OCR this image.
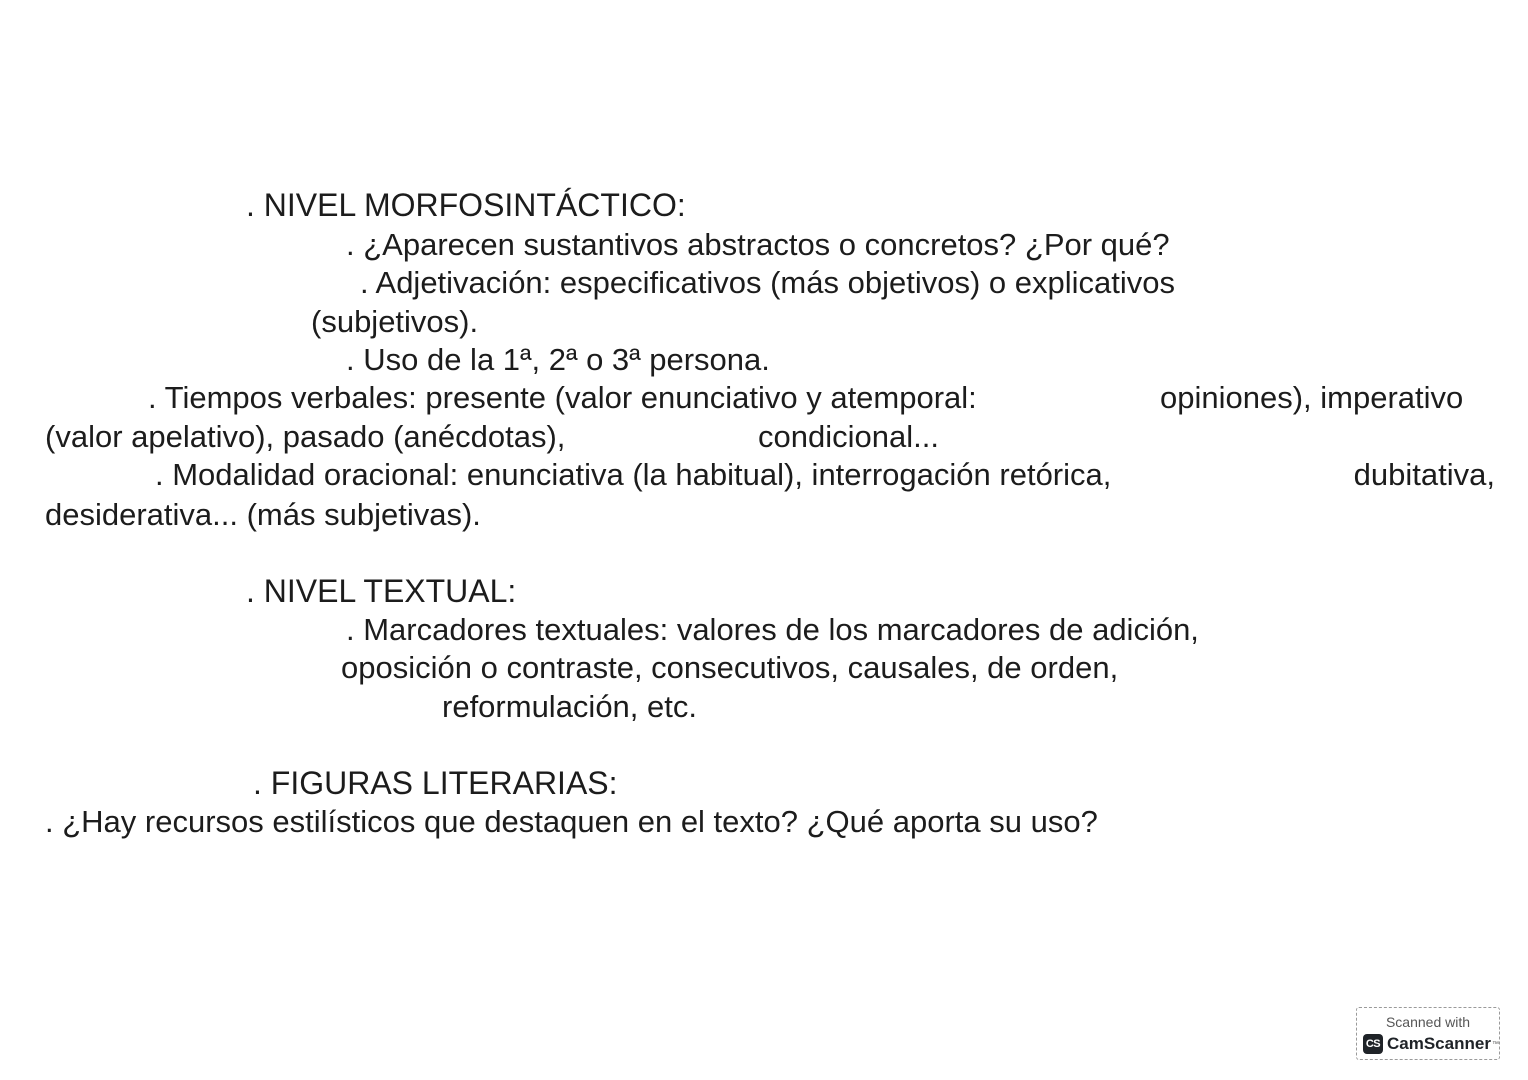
. NIVEL MORFOSINTÁCTICO:
. ¿Aparecen sustantivos abstractos o concretos? ¿Por qué?
. Adjetivación: especificativos (más objetivos) o explicativos
(subjetivos).
. Uso de la 1ª, 2ª o 3ª persona.
. Tiempos verbales: presente (valor enunciativo y atemporal:	opiniones), imperativo
(valor apelativo), pasado (anécdotas),	condicional...
. Modalidad oracional: enunciativa (la habitual), interrogación retórica,	dubitativa,
desiderativa... (más subjetivas).
. NIVEL TEXTUAL:
. Marcadores textuales: valores de los marcadores de adición,
oposición o contraste, consecutivos, causales, de orden,
reformulación, etc.
. FIGURAS LITERARIAS:
. ¿Hay recursos estilísticos que destaquen en el texto? ¿Qué aporta su uso?
Scanned with
CS CamScanner ™
